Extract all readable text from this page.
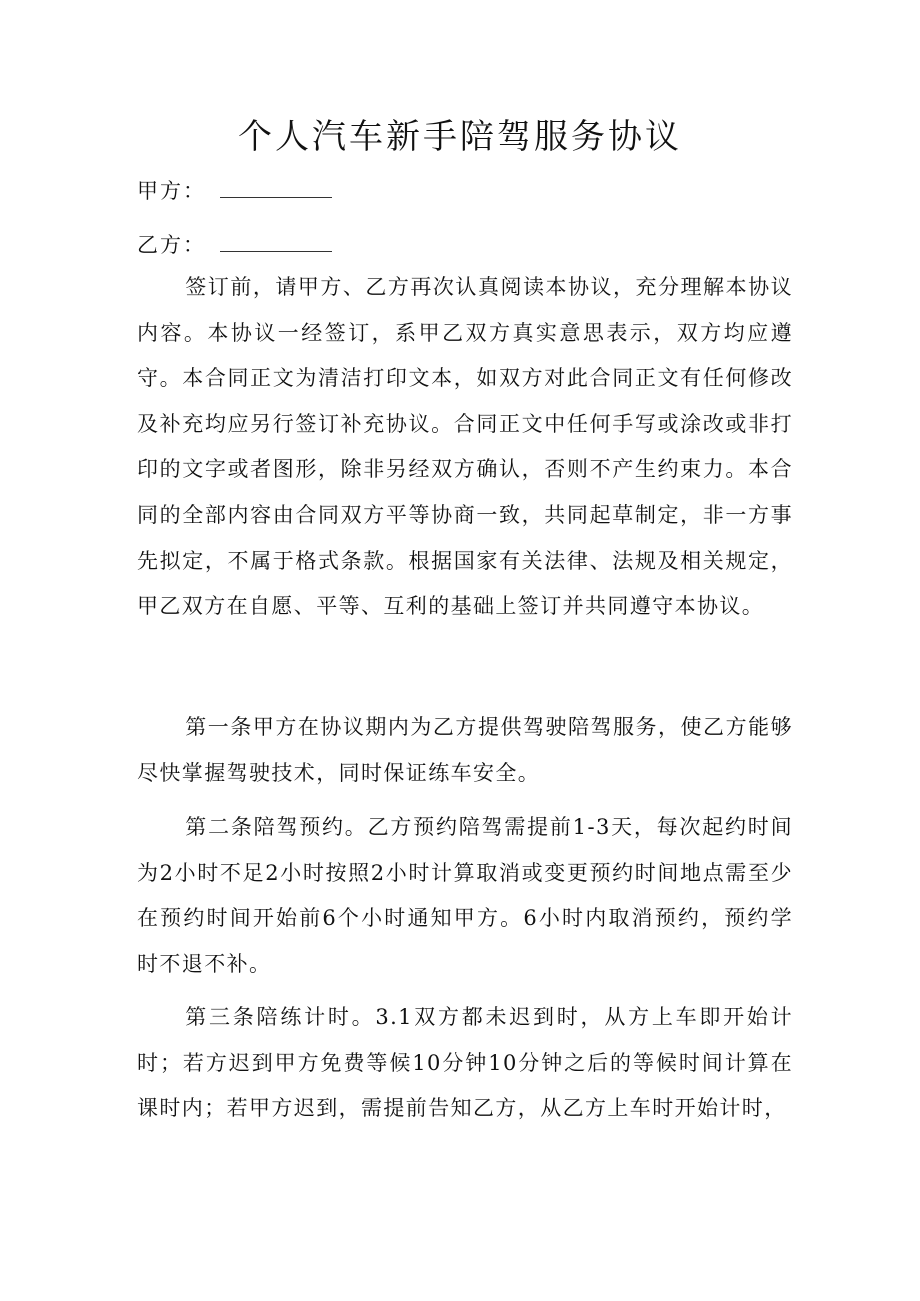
个人汽车新手陪驾服务协议
甲方：
乙方：

签订前，请甲方、乙方再次认真阅读本协议，充分理解本协议内容。本协议一经签订，系甲乙双方真实意思表示，双方均应遵守。本合同正文为清洁打印文本，如双方对此合同正文有任何修改及补充均应另行签订补充协议。合同正文中任何手写或涂改或非打印的文字或者图形，除非另经双方确认，否则不产生约束力。本合同的全部内容由合同双方平等协商一致，共同起草制定，非一方事先拟定，不属于格式条款。根据国家有关法律、法规及相关规定，甲乙双方在自愿、平等、互利的基础上签订并共同遵守本协议。

第一条甲方在协议期内为乙方提供驾驶陪驾服务，使乙方能够尽快掌握驾驶技术，同时保证练车安全。

第二条陪驾预约。乙方预约陪驾需提前1-3天，每次起约时间为2小时不足2小时按照2小时计算取消或变更预约时间地点需至少在预约时间开始前6个小时通知甲方。6小时内取消预约，预约学时不退不补。

第三条陪练计时。3.1双方都未迟到时，从方上车即开始计时；若方迟到甲方免费等候10分钟10分钟之后的等候时间计算在课时内；若甲方迟到，需提前告知乙方，从乙方上车时开始计时，
